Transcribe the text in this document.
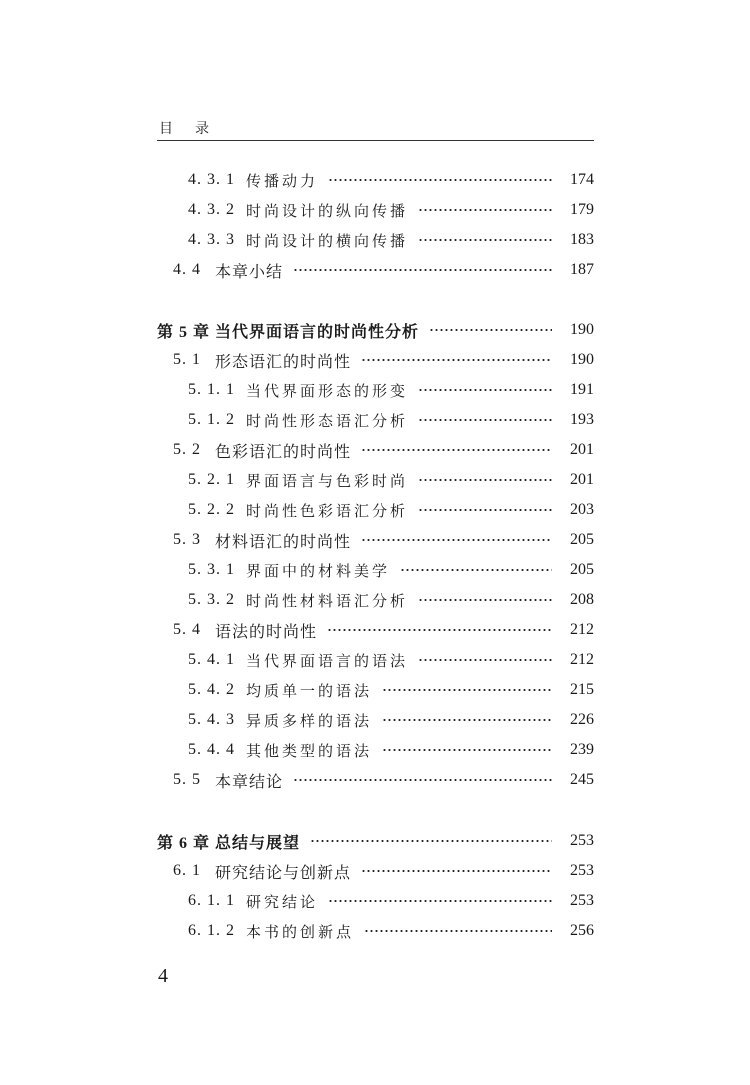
目录
4. 3. 1 传播动力	174
4. 3. 2 时尚设计的纵向传播	179
4. 3. 3 时尚设计的横向传播	183
4. 4 本章小结	187
第 5 章 当代界面语言的时尚性分析	190
5. 1 形态语汇的时尚性	190
5. 1. 1 当代界面形态的形变	191
5. 1. 2 时尚性形态语汇分析	193
5. 2 色彩语汇的时尚性	201
5. 2. 1 界面语言与色彩时尚	201
5. 2. 2 时尚性色彩语汇分析	203
5. 3 材料语汇的时尚性	205
5. 3. 1 界面中的材料美学	205
5. 3. 2 时尚性材料语汇分析	208
5. 4 语法的时尚性	212
5. 4. 1 当代界面语言的语法	212
5. 4. 2 均质单一的语法	215
5. 4. 3 异质多样的语法	226
5. 4. 4 其他类型的语法	239
5. 5 本章结论	245
第 6 章 总结与展望	253
6. 1 研究结论与创新点	253
6. 1. 1 研究结论	253
6. 1. 2 本书的创新点	256
4
